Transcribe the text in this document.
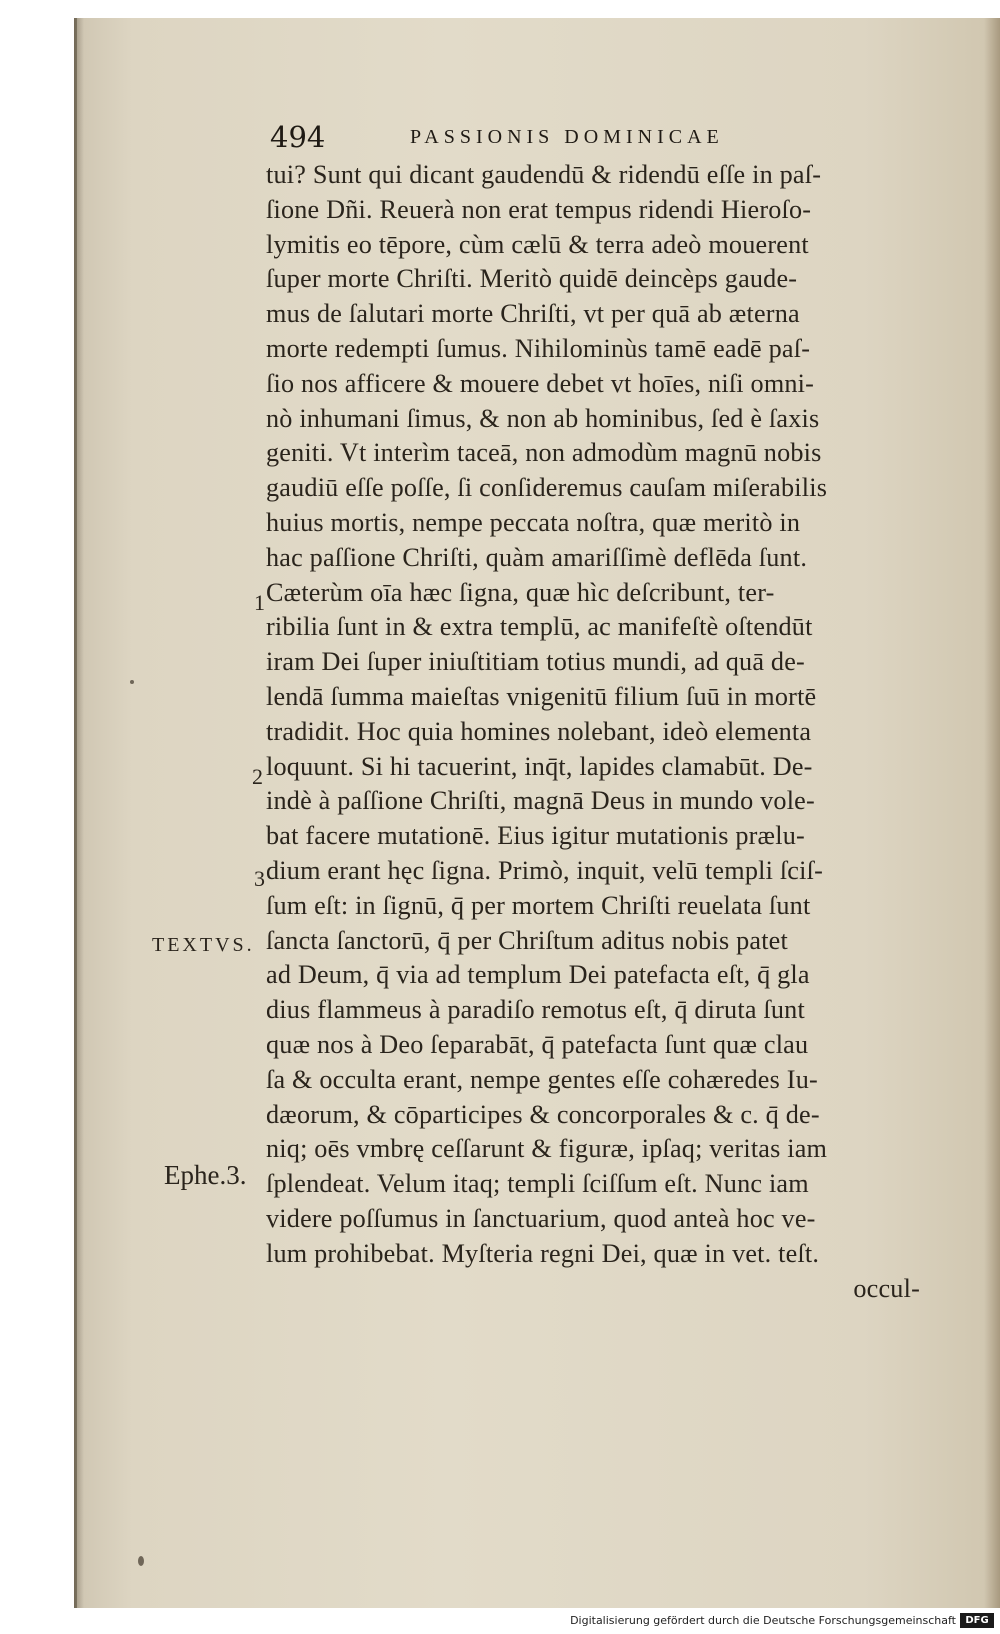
494	PASSIONIS DOMINICAE
tui? Sunt qui dicant gaudendū & ridendū eſſe in paſ-
ſione Dñi. Reuerà non erat tempus ridendi Hieroſo-
lymitis eo tēpore, cùm cælū & terra adeò mouerent
ſuper morte Chriſti. Meritò quidē deincèps gaude-
mus de ſalutari morte Chriſti, vt per quā ab æterna
morte redempti ſumus. Nihilominùs tamē eadē paſ-
ſio nos afficere & mouere debet vt hoīes, niſi omni-
nò inhumani ſimus, & non ab hominibus, ſed è ſaxis
geniti. Vt interìm taceā, non admodùm magnū nobis
gaudiū eſſe poſſe, ſi conſideremus cauſam miſerabilis
huius mortis, nempe peccata noſtra, quæ meritò in
hac paſſione Chriſti, quàm amariſſimè deflēda ſunt.
Cæterùm oīa hæc ſigna, quæ hìc deſcribunt, ter-
ribilia ſunt in & extra templū, ac manifeſtè oſtendūt
iram Dei ſuper iniuſtitiam totius mundi, ad quā de-
lendā ſumma maieſtas vnigenitū filium ſuū in mortē
tradidit. Hoc quia homines nolebant, ideò elementa
loquunt. Si hi tacuerint, inq̄t, lapides clamabūt. De-
indè à paſſione Chriſti, magnā Deus in mundo vole-
bat facere mutationē. Eius igitur mutationis prælu-
dium erant hęc ſigna. Primò, inquit, velū templi ſciſ-
ſum eſt: in ſignū, q̄ per mortem Chriſti reuelata ſunt
ſancta ſanctorū, q̄ per Chriſtum aditus nobis patet
ad Deum, q̄ via ad templum Dei patefacta eſt, q̄ gla
dius flammeus à paradiſo remotus eſt, q̄ diruta ſunt
quæ nos à Deo ſeparabāt, q̄ patefacta ſunt quæ clau
ſa & occulta erant, nempe gentes eſſe cohæredes Iu-
dæorum, & cōparticipes & concorporales & c. q̄ de-
niq; oēs vmbrę ceſſarunt & figuræ, ipſaq; veritas iam
ſplendeat. Velum itaq; templi ſciſſum eſt. Nunc iam
videre poſſumus in ſanctuarium, quod anteà hoc ve-
lum prohibebat. Myſteria regni Dei, quæ in vet. teſt.
occul-
1
2
3
TEXTVS.
Ephe.3.
Digitalisierung gefördert durch die Deutsche Forschungsgemeinschaft DFG
